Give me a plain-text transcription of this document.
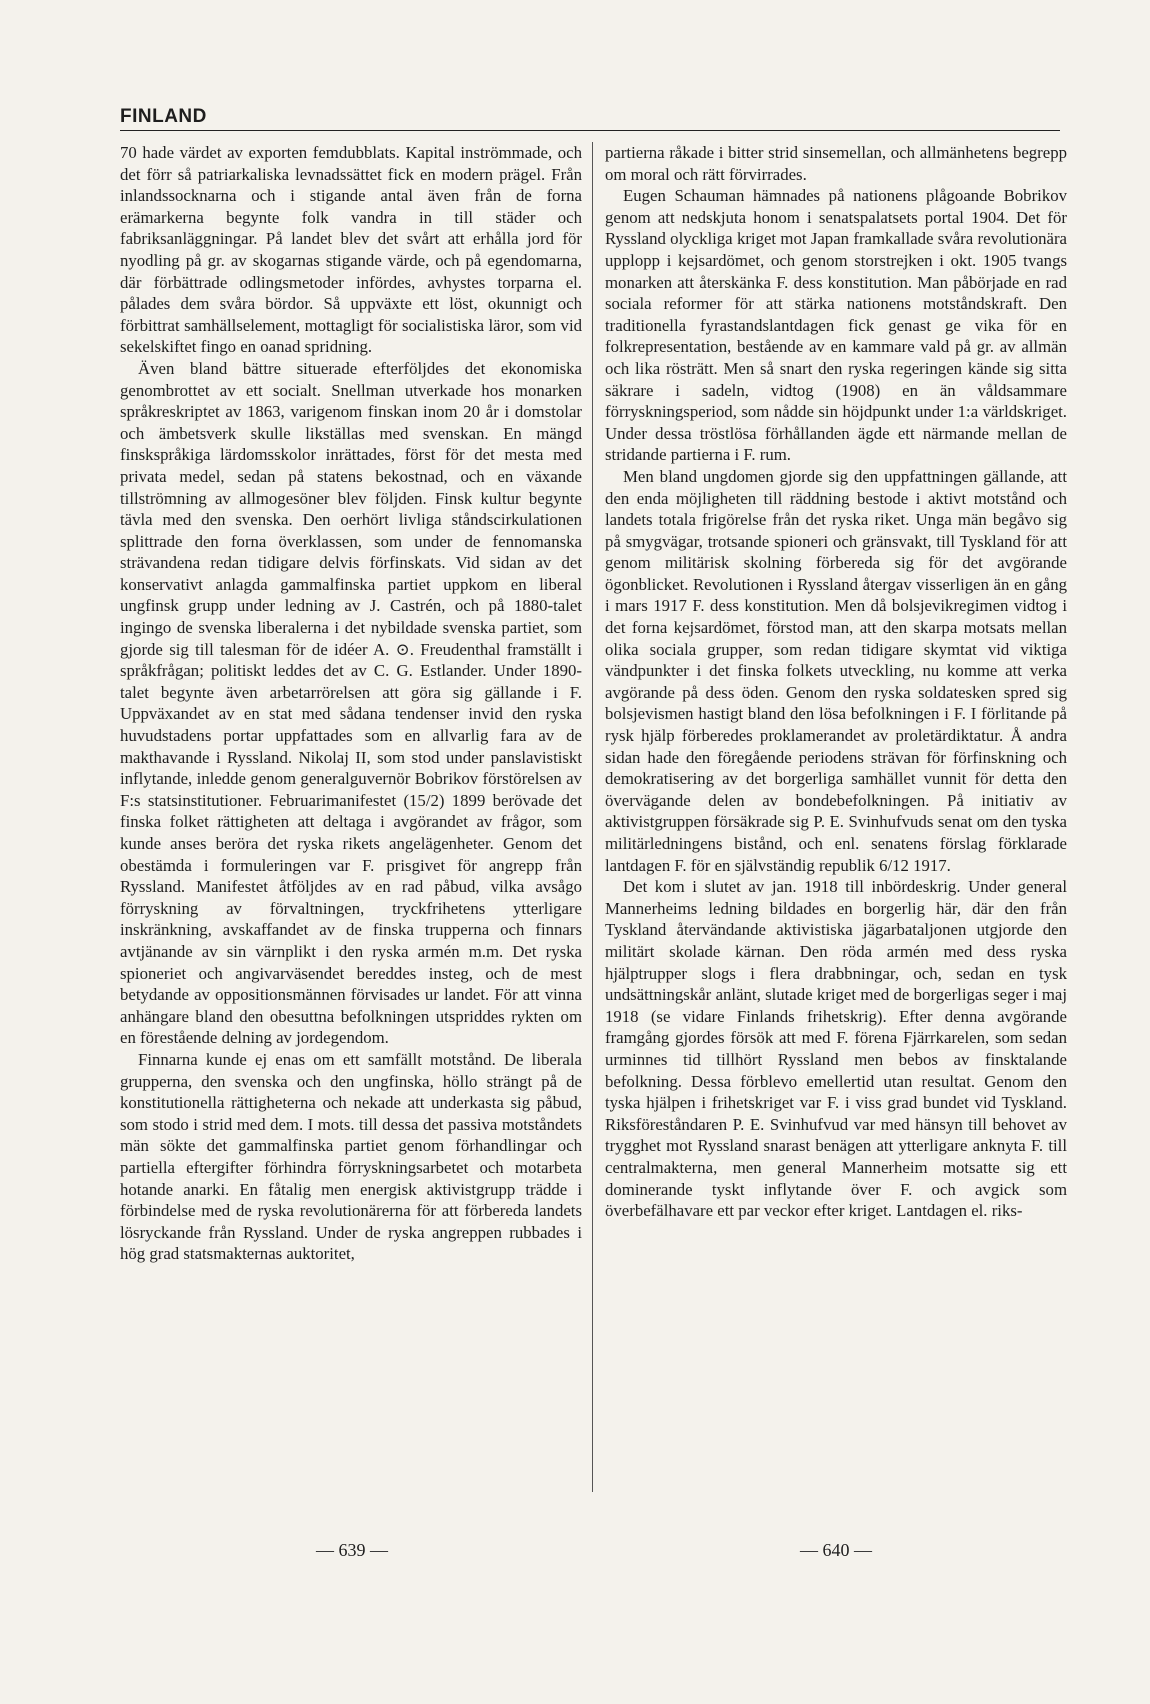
FINLAND

70 hade värdet av exporten femdubblats. Kapital inströmmade, och det förr så patriarkaliska levnadssättet fick en modern prägel. Från inlandssocknarna och i stigande antal även från de forna erämarkerna begynte folk vandra in till städer och fabriksanläggningar. På landet blev det svårt att erhålla jord för nyodling på gr. av skogarnas stigande värde, och på egendomarna, där förbättrade odlingsmetoder infördes, avhystes torparna el. pålades dem svåra bördor. Så uppväxte ett löst, okunnigt och förbittrat samhällselement, mottagligt för socialistiska läror, som vid sekelskiftet fingo en oanad spridning.

Även bland bättre situerade efterföljdes det ekonomiska genombrottet av ett socialt. Snellman utverkade hos monarken språkreskriptet av 1863, varigenom finskan inom 20 år i domstolar och ämbetsverk skulle likställas med svenskan. En mängd finskspråkiga lärdomsskolor inrättades, först för det mesta med privata medel, sedan på statens bekostnad, och en växande tillströmning av allmogesöner blev följden. Finsk kultur begynte tävla med den svenska. Den oerhört livliga ståndscirkulationen splittrade den forna överklassen, som under de fennomanska strävandena redan tidigare delvis förfinskats. Vid sidan av det konservativt anlagda gammalfinska partiet uppkom en liberal ungfinsk grupp under ledning av J. Castrén, och på 1880-talet ingingo de svenska liberalerna i det nybildade svenska partiet, som gjorde sig till talesman för de idéer A. ⊙. Freudenthal framställt i språkfrågan; politiskt leddes det av C. G. Estlander. Under 1890-talet begynte även arbetarrörelsen att göra sig gällande i F. Uppväxandet av en stat med sådana tendenser invid den ryska huvudstadens portar uppfattades som en allvarlig fara av de makthavande i Ryssland. Nikolaj II, som stod under panslavistiskt inflytande, inledde genom generalguvernör Bobrikov förstörelsen av F:s statsinstitutioner. Februarimanifestet (15/2) 1899 berövade det finska folket rättigheten att deltaga i avgörandet av frågor, som kunde anses beröra det ryska rikets angelägenheter. Genom det obestämda i formuleringen var F. prisgivet för angrepp från Ryssland. Manifestet åtföljdes av en rad påbud, vilka avsågo förryskning av förvaltningen, tryckfrihetens ytterligare inskränkning, avskaffandet av de finska trupperna och finnars avtjänande av sin värnplikt i den ryska armén m.m. Det ryska spioneriet och angivarväsendet bereddes insteg, och de mest betydande av oppositionsmännen förvisades ur landet. För att vinna anhängare bland den obesuttna befolkningen utspriddes rykten om en förestående delning av jordegendom.

Finnarna kunde ej enas om ett samfällt motstånd. De liberala grupperna, den svenska och den ungfinska, höllo strängt på de konstitutionella rättigheterna och nekade att underkasta sig påbud, som stodo i strid med dem. I mots. till dessa det passiva motståndets män sökte det gammalfinska partiet genom förhandlingar och partiella eftergifter förhindra förryskningsarbetet och motarbeta hotande anarki. En fåtalig men energisk aktivistgrupp trädde i förbindelse med de ryska revolutionärerna för att förbereda landets lösryckande från Ryssland. Under de ryska angreppen rubbades i hög grad statsmakternas auktoritet,

partierna råkade i bitter strid sinsemellan, och allmänhetens begrepp om moral och rätt förvirrades.

Eugen Schauman hämnades på nationens plågoande Bobrikov genom att nedskjuta honom i senatspalatsets portal 1904. Det för Ryssland olyckliga kriget mot Japan framkallade svåra revolutionära upplopp i kejsardömet, och genom storstrejken i okt. 1905 tvangs monarken att återskänka F. dess konstitution. Man påbörjade en rad sociala reformer för att stärka nationens motståndskraft. Den traditionella fyrastandslantdagen fick genast ge vika för en folkrepresentation, bestående av en kammare vald på gr. av allmän och lika rösträtt. Men så snart den ryska regeringen kände sig sitta säkrare i sadeln, vidtog (1908) en än våldsammare förryskningsperiod, som nådde sin höjdpunkt under 1:a världskriget. Under dessa tröstlösa förhållanden ägde ett närmande mellan de stridande partierna i F. rum.

Men bland ungdomen gjorde sig den uppfattningen gällande, att den enda möjligheten till räddning bestode i aktivt motstånd och landets totala frigörelse från det ryska riket. Unga män begåvo sig på smygvägar, trotsande spioneri och gränsvakt, till Tyskland för att genom militärisk skolning förbereda sig för det avgörande ögonblicket. Revolutionen i Ryssland återgav visserligen än en gång i mars 1917 F. dess konstitution. Men då bolsjevikregimen vidtog i det forna kejsardömet, förstod man, att den skarpa motsats mellan olika sociala grupper, som redan tidigare skymtat vid viktiga vändpunkter i det finska folkets utveckling, nu komme att verka avgörande på dess öden. Genom den ryska soldatesken spred sig bolsjevismen hastigt bland den lösa befolkningen i F. I förlitande på rysk hjälp förberedes proklamerandet av proletärdiktatur. Å andra sidan hade den föregående periodens strävan för förfinskning och demokratisering av det borgerliga samhället vunnit för detta den övervägande delen av bondebefolkningen. På initiativ av aktivistgruppen försäkrade sig P. E. Svinhufvuds senat om den tyska militärledningens bistånd, och enl. senatens förslag förklarade lantdagen F. för en självständig republik 6/12 1917.

Det kom i slutet av jan. 1918 till inbördeskrig. Under general Mannerheims ledning bildades en borgerlig här, där den från Tyskland återvändande aktivistiska jägarbataljonen utgjorde den militärt skolade kärnan. Den röda armén med dess ryska hjälptrupper slogs i flera drabbningar, och, sedan en tysk undsättningskår anlänt, slutade kriget med de borgerligas seger i maj 1918 (se vidare Finlands frihetskrig). Efter denna avgörande framgång gjordes försök att med F. förena Fjärrkarelen, som sedan urminnes tid tillhört Ryssland men bebos av finsktalande befolkning. Dessa förblevo emellertid utan resultat. Genom den tyska hjälpen i frihetskriget var F. i viss grad bundet vid Tyskland. Riksföreståndaren P. E. Svinhufvud var med hänsyn till behovet av trygghet mot Ryssland snarast benägen att ytterligare anknyta F. till centralmakterna, men general Mannerheim motsatte sig ett dominerande tyskt inflytande över F. och avgick som överbefälhavare ett par veckor efter kriget. Lantdagen el. riks-

— 639 —	— 640 —
